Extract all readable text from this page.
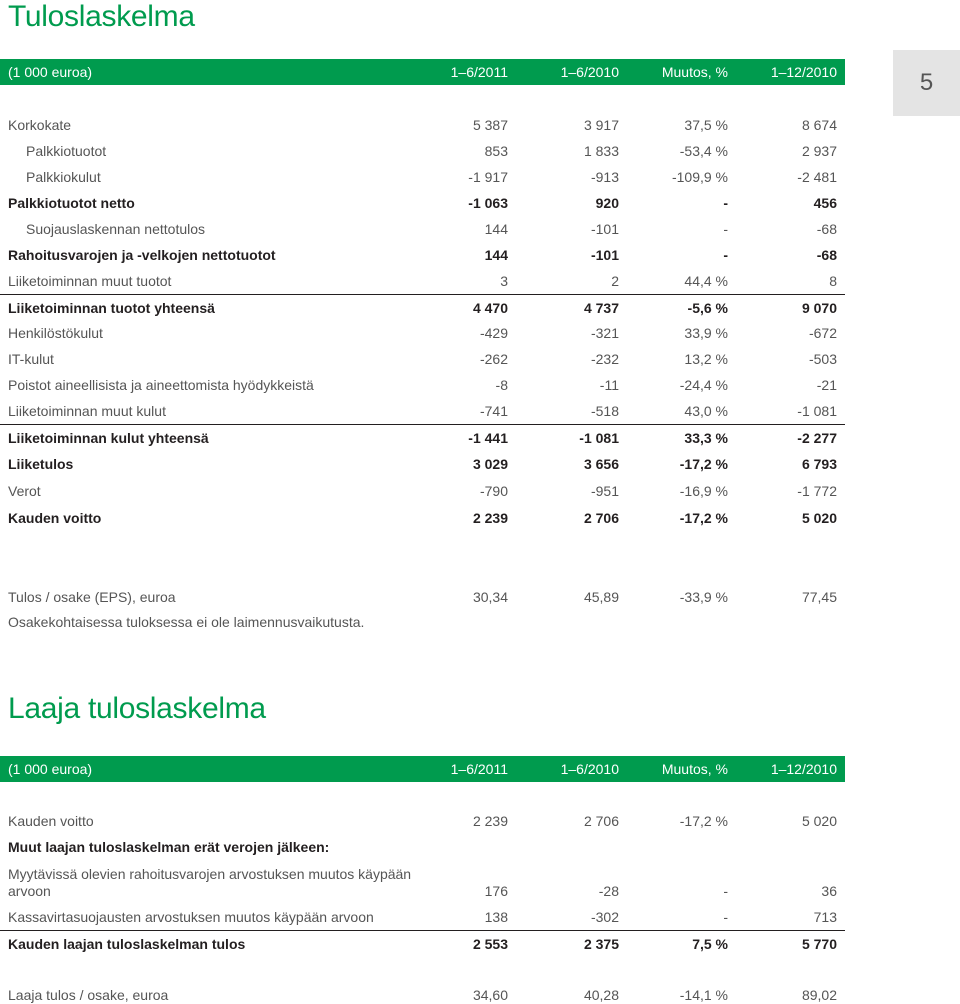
Tuloslaskelma
5
(1 000 euroa)	1–6/2011	1–6/2010	Muutos, %	1–12/2010
Korkokate	5 387	3 917	37,5 %	8 674
Palkkiotuotot	853	1 833	-53,4 %	2 937
Palkkiokulut	-1 917	-913	-109,9 %	-2 481
Palkkiotuotot netto	-1 063	920	-	456
Suojauslaskennan nettotulos	144	-101	-	-68
Rahoitusvarojen ja -velkojen nettotuotot	144	-101	-	-68
Liiketoiminnan muut tuotot	3	2	44,4 %	8
Liiketoiminnan tuotot yhteensä	4 470	4 737	-5,6 %	9 070
Henkilöstökulut	-429	-321	33,9 %	-672
IT-kulut	-262	-232	13,2 %	-503
Poistot aineellisista ja aineettomista hyödykkeistä	-8	-11	-24,4 %	-21
Liiketoiminnan muut kulut	-741	-518	43,0 %	-1 081
Liiketoiminnan kulut yhteensä	-1 441	-1 081	33,3 %	-2 277
Liiketulos	3 029	3 656	-17,2 %	6 793
Verot	-790	-951	-16,9 %	-1 772
Kauden voitto	2 239	2 706	-17,2 %	5 020
Tulos / osake (EPS), euroa	30,34	45,89	-33,9 %	77,45
Osakekohtaisessa tuloksessa ei ole laimennusvaikutusta.
Laaja tuloslaskelma
(1 000 euroa)	1–6/2011	1–6/2010	Muutos, %	1–12/2010
Kauden voitto	2 239	2 706	-17,2 %	5 020
Muut laajan tuloslaskelman erät verojen jälkeen:
Myytävissä olevien rahoitusvarojen arvostuksen muutos käypään
arvoon	176	-28	-	36
Kassavirtasuojausten arvostuksen muutos käypään arvoon	138	-302	-	713
Kauden laajan tuloslaskelman tulos	2 553	2 375	7,5 %	5 770
Laaja tulos / osake, euroa	34,60	40,28	-14,1 %	89,02
